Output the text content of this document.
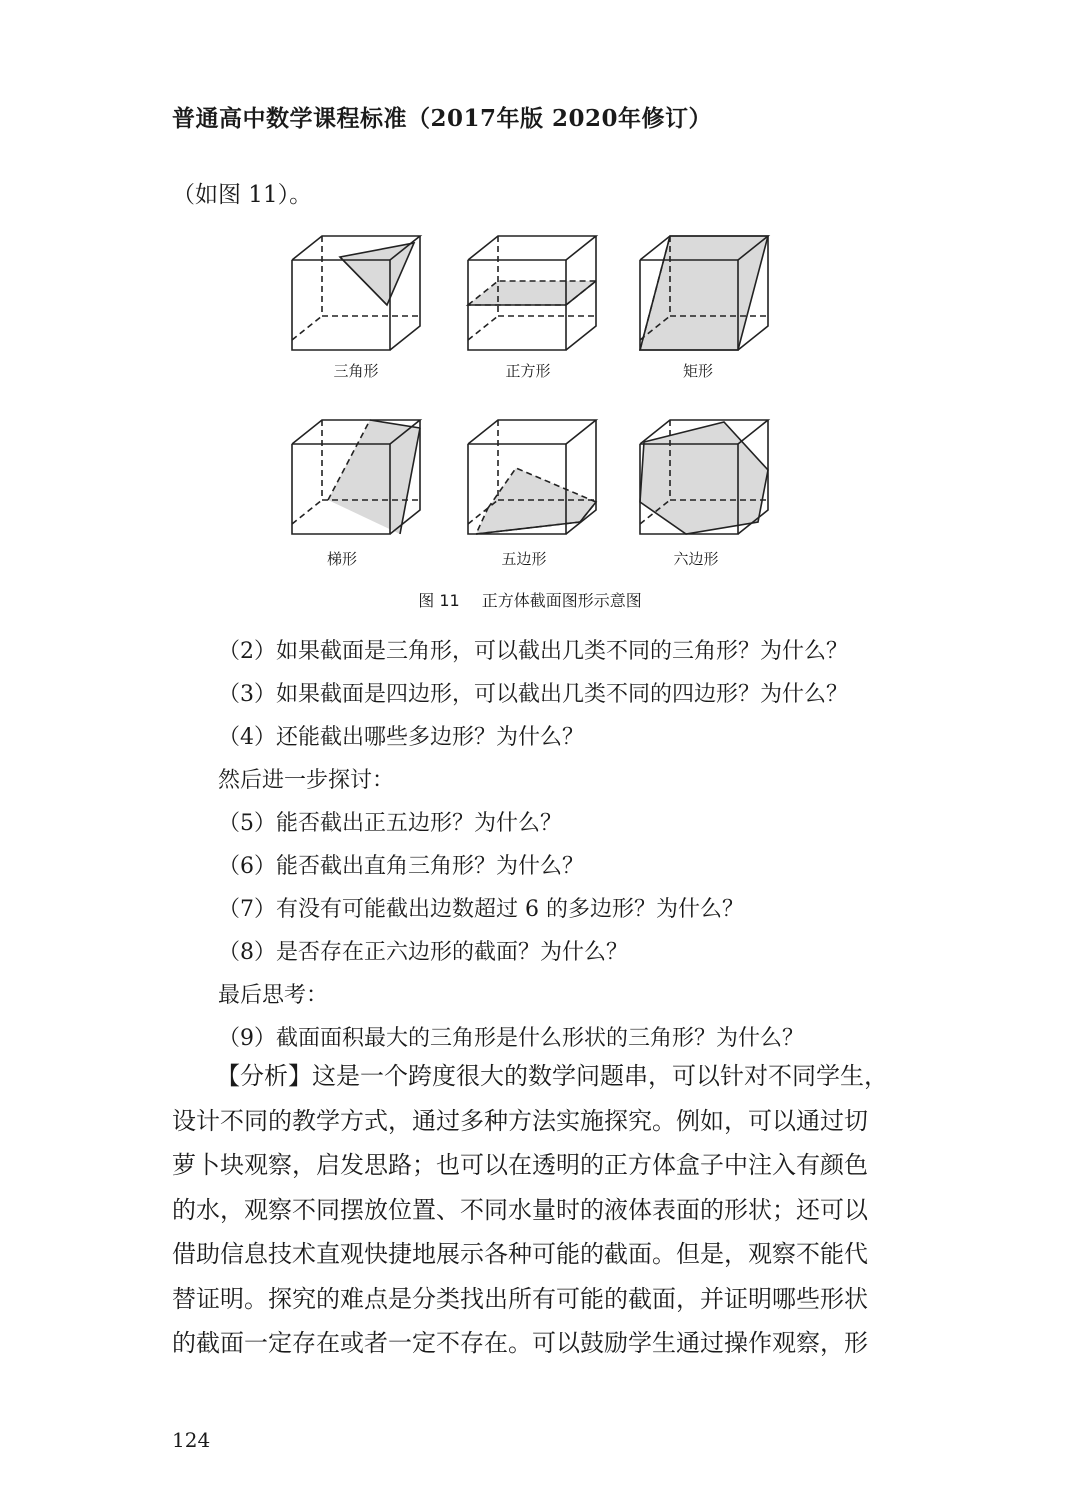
普通高中数学课程标准（2017年版 2020年修订）
（如图 11）。
三角形	正方形	矩形
梯形	五边形	六边形
图 11 正方体截面图形示意图
（2）如果截面是三角形，可以截出几类不同的三角形？为什么？
（3）如果截面是四边形，可以截出几类不同的四边形？为什么？
（4）还能截出哪些多边形？为什么？
然后进一步探讨：
（5）能否截出正五边形？为什么？
（6）能否截出直角三角形？为什么？
（7）有没有可能截出边数超过 6 的多边形？为什么？
（8）是否存在正六边形的截面？为什么？
最后思考：
（9）截面面积最大的三角形是什么形状的三角形？为什么？
【分析】这是一个跨度很大的数学问题串，可以针对不同学生，
设计不同的教学方式，通过多种方法实施探究。例如，可以通过切
萝卜块观察，启发思路；也可以在透明的正方体盒子中注入有颜色
的水，观察不同摆放位置、不同水量时的液体表面的形状；还可以
借助信息技术直观快捷地展示各种可能的截面。但是，观察不能代
替证明。探究的难点是分类找出所有可能的截面，并证明哪些形状
的截面一定存在或者一定不存在。可以鼓励学生通过操作观察，形
124
